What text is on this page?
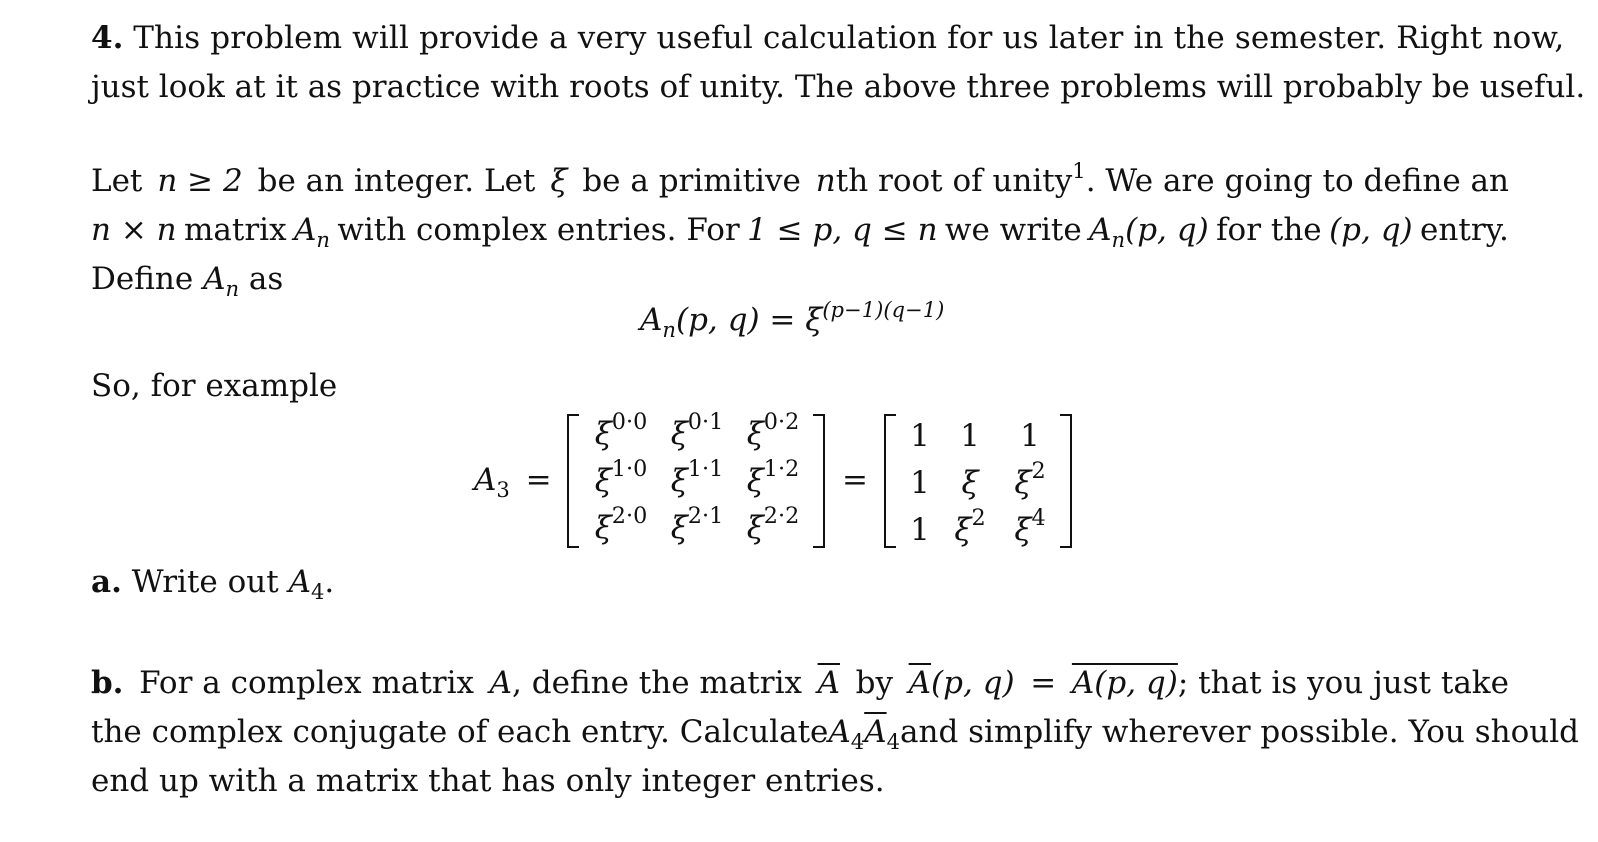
4. This problem will provide a very useful calculation for us later in the semester. Right now,
just look at it as practice with roots of unity. The above three problems will probably be useful.
Let n ≥ 2 be an integer. Let ξ be a primitive nth root of unity$^1$. We are going to define an
n × n matrix $A_n$ with complex entries. For 1 ≤ p, q ≤ n we write $A_n(p$, q) for the (p, q) entry.
Define $A_n$ as
$A_n(p$, $q) = \xi^{(p-1)(q-1)}$
So, for example
$A_3$ =
$\xi^{0\cdot 0}$ $\xi^{0\cdot 1}$ $\xi^{0\cdot 2}$
$\xi^{1\cdot 0}$ $\xi^{1\cdot 1}$ $\xi^{1\cdot 2}$
$\xi^{2\cdot 0}$ $\xi^{2\cdot 1}$ $\xi^{2\cdot 2}$
=
1 1 1
1	ξ	$\xi^2$
1 $\xi^2$ $\xi^4$
a. Write out $A_4$.
b. For a complex matrix A, define the matrix $\overline{A}$ by $\overline{A}(p$, q) = A(p, q); that is you just take
the complex conjugate of each entry. Calculate $A_4\overline{A}_4$ and simplify wherever possible. You should
end up with a matrix that has only integer entries.
